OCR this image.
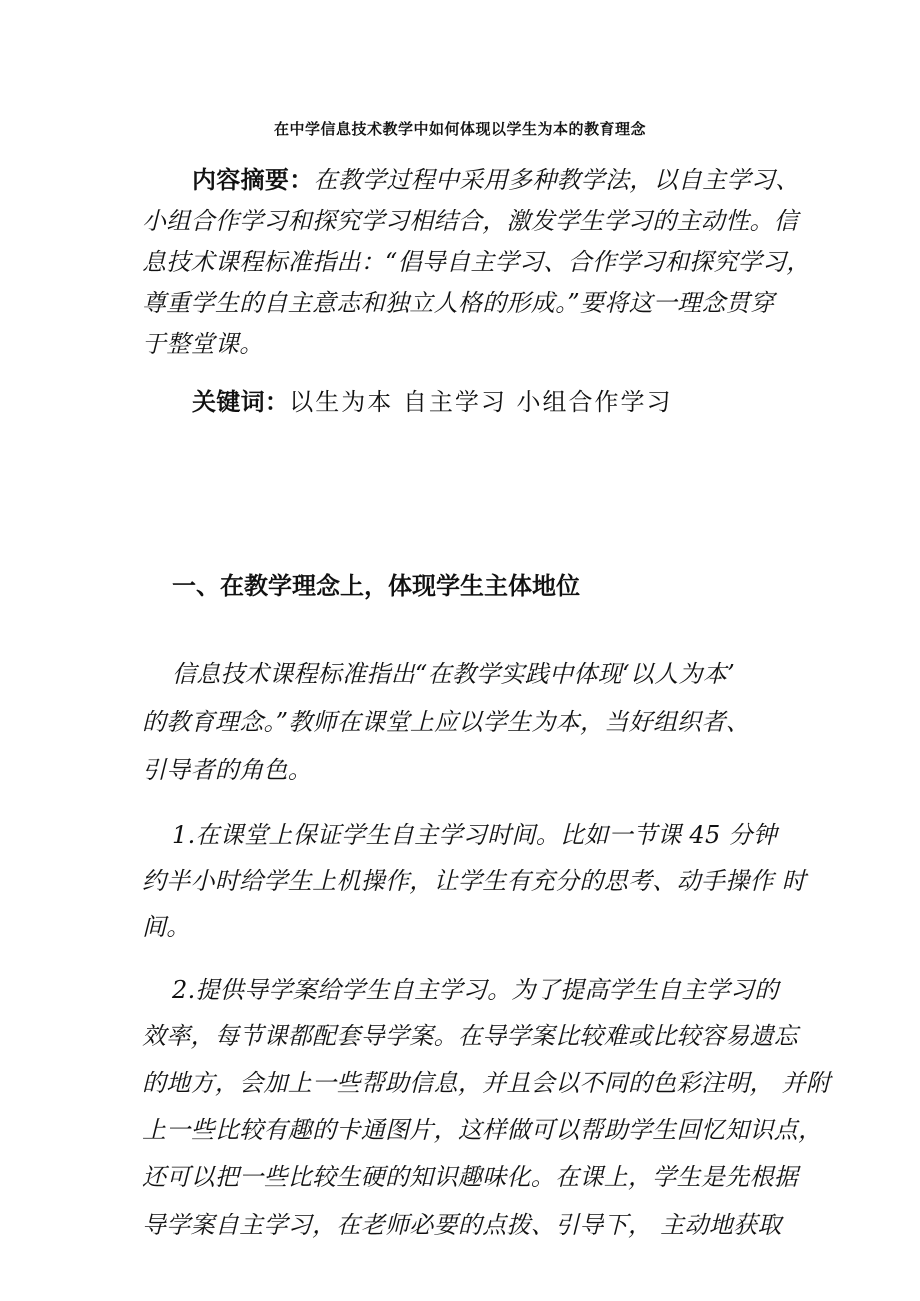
在中学信息技术教学中如何体现以学生为本的教育理念
内容摘要：在教学过程中采用多种教学法，以自主学习、
小组合作学习和探究学习相结合，激发学生学习的主动性。信
息技术课程标准指出：“倡导自主学习、合作学习和探究学习，
尊重学生的自主意志和独立人格的形成。”要将这一理念贯穿
于整堂课。
关键词：以生为本 自主学习 小组合作学习
一、在教学理念上，体现学生主体地位
信息技术课程标准指出“在教学实践中体现‘以人为本’
的教育理念。”教师在课堂上应以学生为本，当好组织者、
引导者的角色。
1.在课堂上保证学生自主学习时间。比如一节课 45 分钟
约半小时给学生上机操作，让学生有充分的思考、动手操作 时
间。
2.提供导学案给学生自主学习。为了提高学生自主学习的
效率，每节课都配套导学案。在导学案比较难或比较容易遗忘
的地方，会加上一些帮助信息，并且会以不同的色彩注明， 并附
上一些比较有趣的卡通图片，这样做可以帮助学生回忆知识点，
还可以把一些比较生硬的知识趣味化。在课上，学生是先根据
导学案自主学习，在老师必要的点拨、引导下， 主动地获取
